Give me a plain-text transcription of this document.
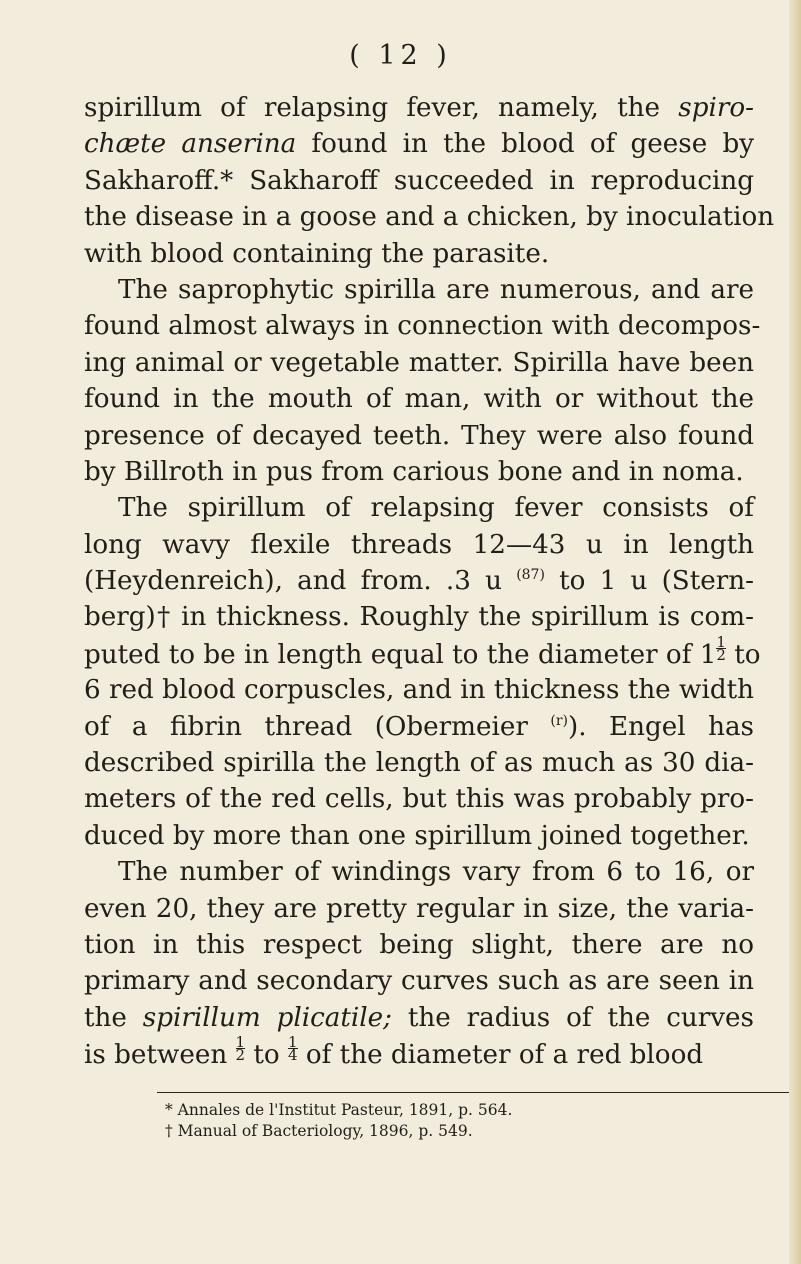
( 12 )
spirillum of relapsing fever, namely, the spiro-
chæte anserina found in the blood of geese by
Sakharoff.* Sakharoff succeeded in reproducing
the disease in a goose and a chicken, by inoculation
with blood containing the parasite.
The saprophytic spirilla are numerous, and are
found almost always in connection with decompos-
ing animal or vegetable matter. Spirilla have been
found in the mouth of man, with or without the
presence of decayed teeth. They were also found
by Billroth in pus from carious bone and in noma.
The spirillum of relapsing fever consists of
long wavy flexile threads 12—43 u in length
(Heydenreich), and from. .3 u $^{(87)}$ to 1 u (Stern-
berg)† in thickness. Roughly the spirillum is com-
puted to be in length equal to the diameter of $1 \frac{1}{2}$ to
6 red blood corpuscles, and in thickness the width
of a fibrin thread (Obermeier $^{(r)}$). Engel has
described spirilla the length of as much as 30 dia-
meters of the red cells, but this was probably pro-
duced by more than one spirillum joined together.
The number of windings vary from 6 to 16, or
even 20, they are pretty regular in size, the varia-
tion in this respect being slight, there are no
primary and secondary curves such as are seen in
the spirillum plicatile; the radius of the curves
is between $\frac{1}{2}$ to $\frac{1}{4}$ of the diameter of a red blood
* Annales de l'Institut Pasteur, 1891, p. 564.
† Manual of Bacteriology, 1896, p. 549.
